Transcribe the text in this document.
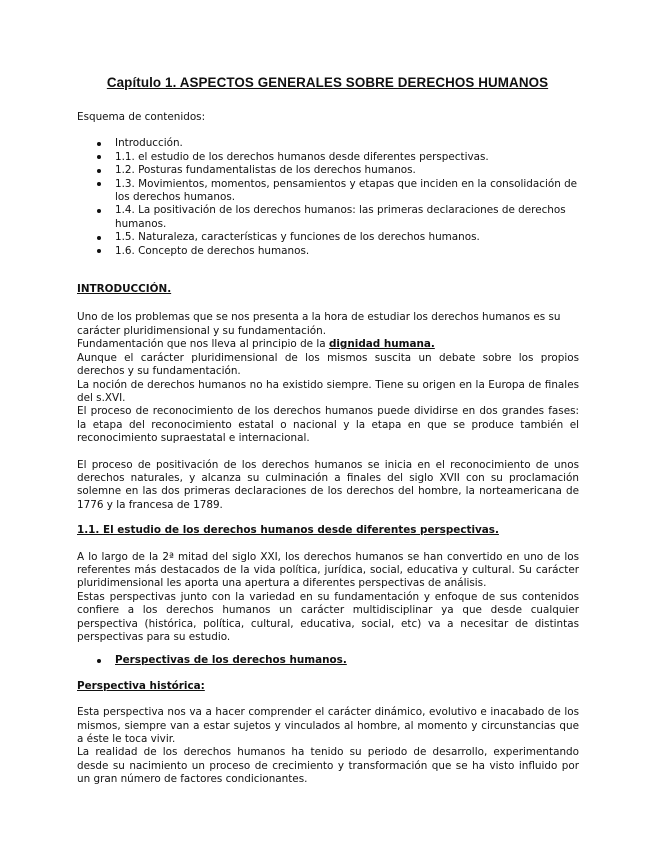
Capítulo 1. ASPECTOS GENERALES SOBRE DERECHOS HUMANOS

Esquema de contenidos:

Introducción.
1.1. el estudio de los derechos humanos desde diferentes perspectivas.
1.2. Posturas fundamentalistas de los derechos humanos.
1.3. Movimientos, momentos, pensamientos y etapas que inciden en la consolidación de los derechos humanos.
1.4. La positivación de los derechos humanos: las primeras declaraciones de derechos humanos.
1.5. Naturaleza, características y funciones de los derechos humanos.
1.6. Concepto de derechos humanos.

INTRODUCCIÓN.

Uno de los problemas que se nos presenta a la hora de estudiar los derechos humanos es su carácter pluridimensional y su fundamentación.

Fundamentación que nos lleva al principio de la dignidad humana.

Aunque el carácter pluridimensional de los mismos suscita un debate sobre los propios derechos y su fundamentación.

La noción de derechos humanos no ha existido siempre. Tiene su origen en la Europa de finales del s.XVI.

El proceso de reconocimiento de los derechos humanos puede dividirse en dos grandes fases: la etapa del reconocimiento estatal o nacional y la etapa en que se produce también el reconocimiento supraestatal e internacional.

El proceso de positivación de los derechos humanos se inicia en el reconocimiento de unos derechos naturales, y alcanza su culminación a finales del siglo XVII con su proclamación solemne en las dos primeras declaraciones de los derechos del hombre, la norteamericana de 1776 y la francesa de 1789.

1.1. El estudio de los derechos humanos desde diferentes perspectivas.

A lo largo de la 2ª mitad del siglo XXI, los derechos humanos se han convertido en uno de los referentes más destacados de la vida política, jurídica, social, educativa y cultural. Su carácter pluridimensional les aporta una apertura a diferentes perspectivas de análisis.

Estas perspectivas junto con la variedad en su fundamentación y enfoque de sus contenidos confiere a los derechos humanos un carácter multidisciplinar ya que desde cualquier perspectiva (histórica, política, cultural, educativa, social, etc) va a necesitar de distintas perspectivas para su estudio.

Perspectivas de los derechos humanos.

Perspectiva histórica:

Esta perspectiva nos va a hacer comprender el carácter dinámico, evolutivo e inacabado de los mismos, siempre van a estar sujetos y vinculados al hombre, al momento y circunstancias que a éste le toca vivir.

La realidad de los derechos humanos ha tenido su periodo de desarrollo, experimentando desde su nacimiento un proceso de crecimiento y transformación que se ha visto influido por un gran número de factores condicionantes.
